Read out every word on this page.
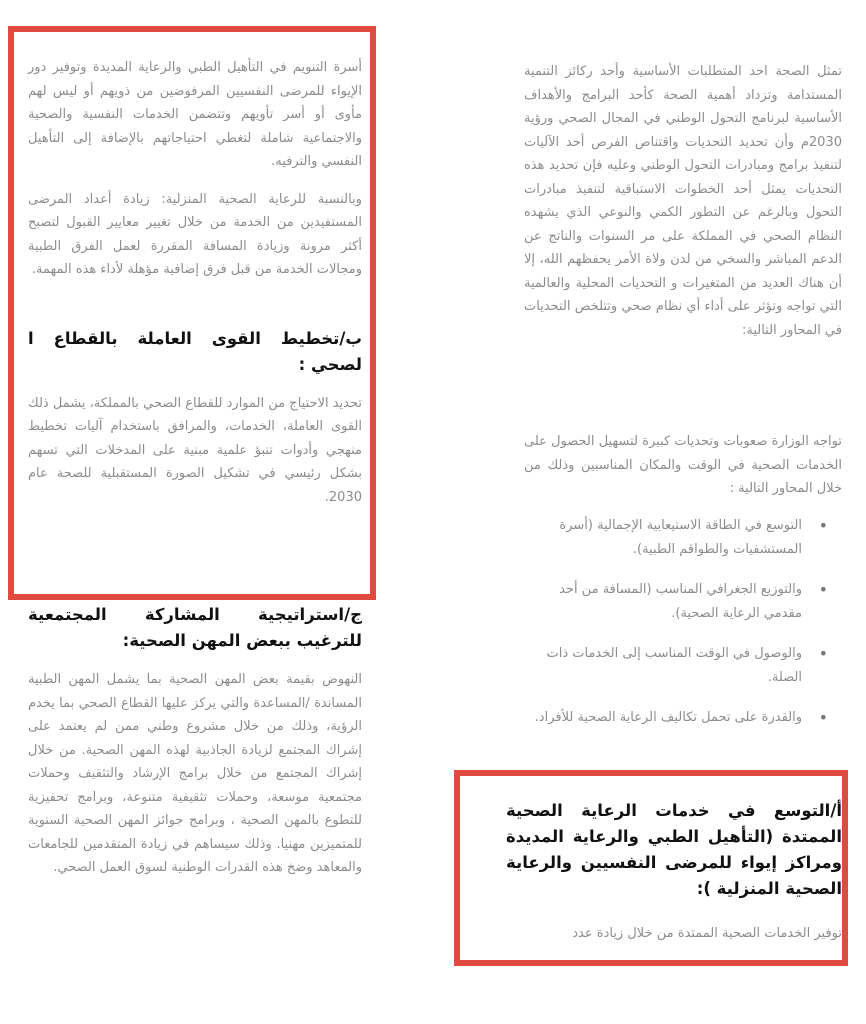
تمثل الصحة احد المتطلبات الأساسية وأحد ركائز التنمية المستدامة وتزداد أهمية الصحة كأحد البرامج والأهداف الأساسية لبرنامج التحول الوطني في المجال الصحي ورؤية 2030م وأن تحديد التحديات واقتناص الفرص أحد الآليات لتنفيذ برامج ومبادرات التحول الوطني وعليه فإن تحديد هذه التحديات يمثل أحد الخطوات الاستباقية لتنفيذ مبادرات التحول وبالرغم عن التطور الكمي والنوعي الذي يشهده النظام الصحي في المملكة على مر السنوات والناتج عن الدعم المباشر والسخي من لدن ولاة الأمر يحفظهم الله، إلا أن هناك العديد من المتغيرات و التحديات المحلية والعالمية التي تواجه وتؤثر على أداء أي نظام صحي وتتلخص التحديات في المحاور التالية:

تواجه الوزارة صعوبات وتحديات كبيرة لتسهيل الحصول على الخدمات الصحية في الوقت والمكان المناسبين وذلك من خلال المحاور التالية :

• التوسع في الطاقة الاستيعابية الإجمالية (أسرة المستشفيات والطواقم الطبية).
• والتوزيع الجغرافي المناسب (المسافة من أحد مقدمي الرعاية الصحية).
• والوصول في الوقت المناسب إلى الخدمات ذات الصلة.
• والقدرة على تحمل تكاليف الرعاية الصحية للأفراد.
أ/التوسع في خدمات الرعاية الصحية الممتدة (التأهيل الطبي والرعاية المديدة ومراكز إيواء للمرضى النفسيين والرعاية الصحية المنزلية ):

توفير الخدمات الصحية الممتدة من خلال زيادة عدد

أسرة التنويم في التأهيل الطبي والرعاية المديدة وتوفير دور الإيواء للمرضى النفسيين المرفوضين من ذويهم أو ليس لهم مأوى أو أسر تأويهم وتتضمن الخدمات النفسية والصحية والاجتماعية شاملة لتغطي احتياجاتهم بالإضافة إلى التأهيل النفسي والترفيه.

وبالنسبة للرعاية الصحية المنزلية: زيادة أعداد المرضى المستفيدين من الخدمة من خلال تغيير معايير القبول لتصبح أكثر مرونة وزيادة المسافة المقررة لعمل الفرق الطبية ومجالات الخدمة من قبل فرق إضافية مؤهلة لأداء هذه المهمة.

ب/تخطيط القوى العاملة بالقطاع ا لصحي :

تحديد الاحتياج من الموارد للقطاع الصحي بالمملكة، يشمل ذلك القوى العاملة، الخدمات، والمرافق باستخدام آليات تخطيط منهجي وأدوات تنبؤ علمية مبنية على المدخلات التي تسهم بشكل رئيسي في تشكيل الصورة المستقبلية للصحة عام 2030.

ج/استراتيجية المشاركة المجتمعية للترغيب ببعض المهن الصحية:

النهوض بقيمة بعض المهن الصحية بما يشمل المهن الطبية المساندة /المساعدة والتي يركز عليها القطاع الصحي بما يخدم الرؤية، وذلك من خلال مشروع وطني ممن لم يعتمد على إشراك المجتمع لزيادة الجاذبية لهذه المهن الصحية. من خلال إشراك المجتمع من خلال برامج الإرشاد والتثقيف وحملات مجتمعية موسعة، وحملات تثقيفية متنوعة، وبرامج تحفيزية للتطوع بالمهن الصحية ، وبرامج جوائز المهن الصحية السنوية للمتميزين مهنيا. وذلك سيساهم في زيادة المتقدمين للجامعات والمعاهد وضخ هذه القدرات الوطنية لسوق العمل الصحي.
